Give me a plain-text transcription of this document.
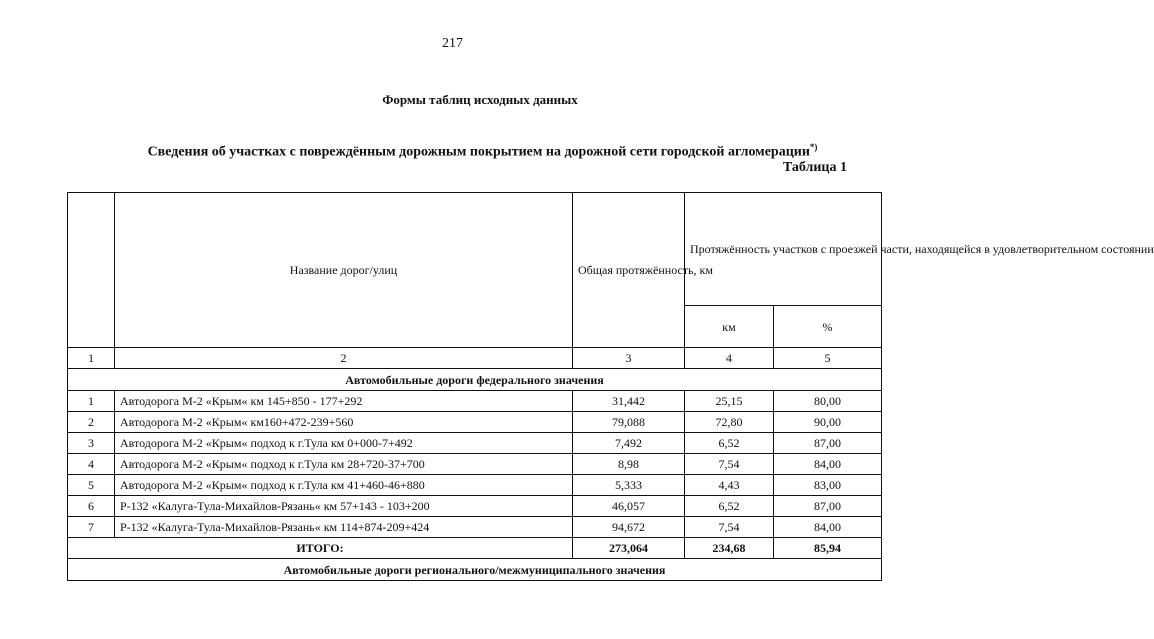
217
Формы таблиц исходных данных
Сведения об участках с повреждённым дорожным покрытием на дорожной сети городской агломерации*)
Таблица 1
	Название дорог/улиц	Общая протяжённость, км	Протяжённость участков с проезжей части, находящейся в удовлетворительном состоянии	
			км	%
1	2	3	4	5
Автомобильные дороги федерального значения				
1	Автодорога М-2 «Крым« км 145+850 - 177+292	31,442	25,15	80,00
2	Автодорога М-2 «Крым« км160+472-239+560	79,088	72,80	90,00
3	Автодорога М-2 «Крым« подход к г.Тула км 0+000-7+492	7,492	6,52	87,00
4	Автодорога М-2 «Крым« подход к г.Тула км 28+720-37+700	8,98	7,54	84,00
5	Автодорога М-2 «Крым« подход к г.Тула км 41+460-46+880	5,333	4,43	83,00
6	Р-132 «Калуга-Тула-Михайлов-Рязань« км 57+143 - 103+200	46,057	6,52	87,00
7	Р-132 «Калуга-Тула-Михайлов-Рязань« км 114+874-209+424	94,672	7,54	84,00
ИТОГО:		273,064	234,68	85,94
Автомобильные дороги регионального/межмуниципального значения				
